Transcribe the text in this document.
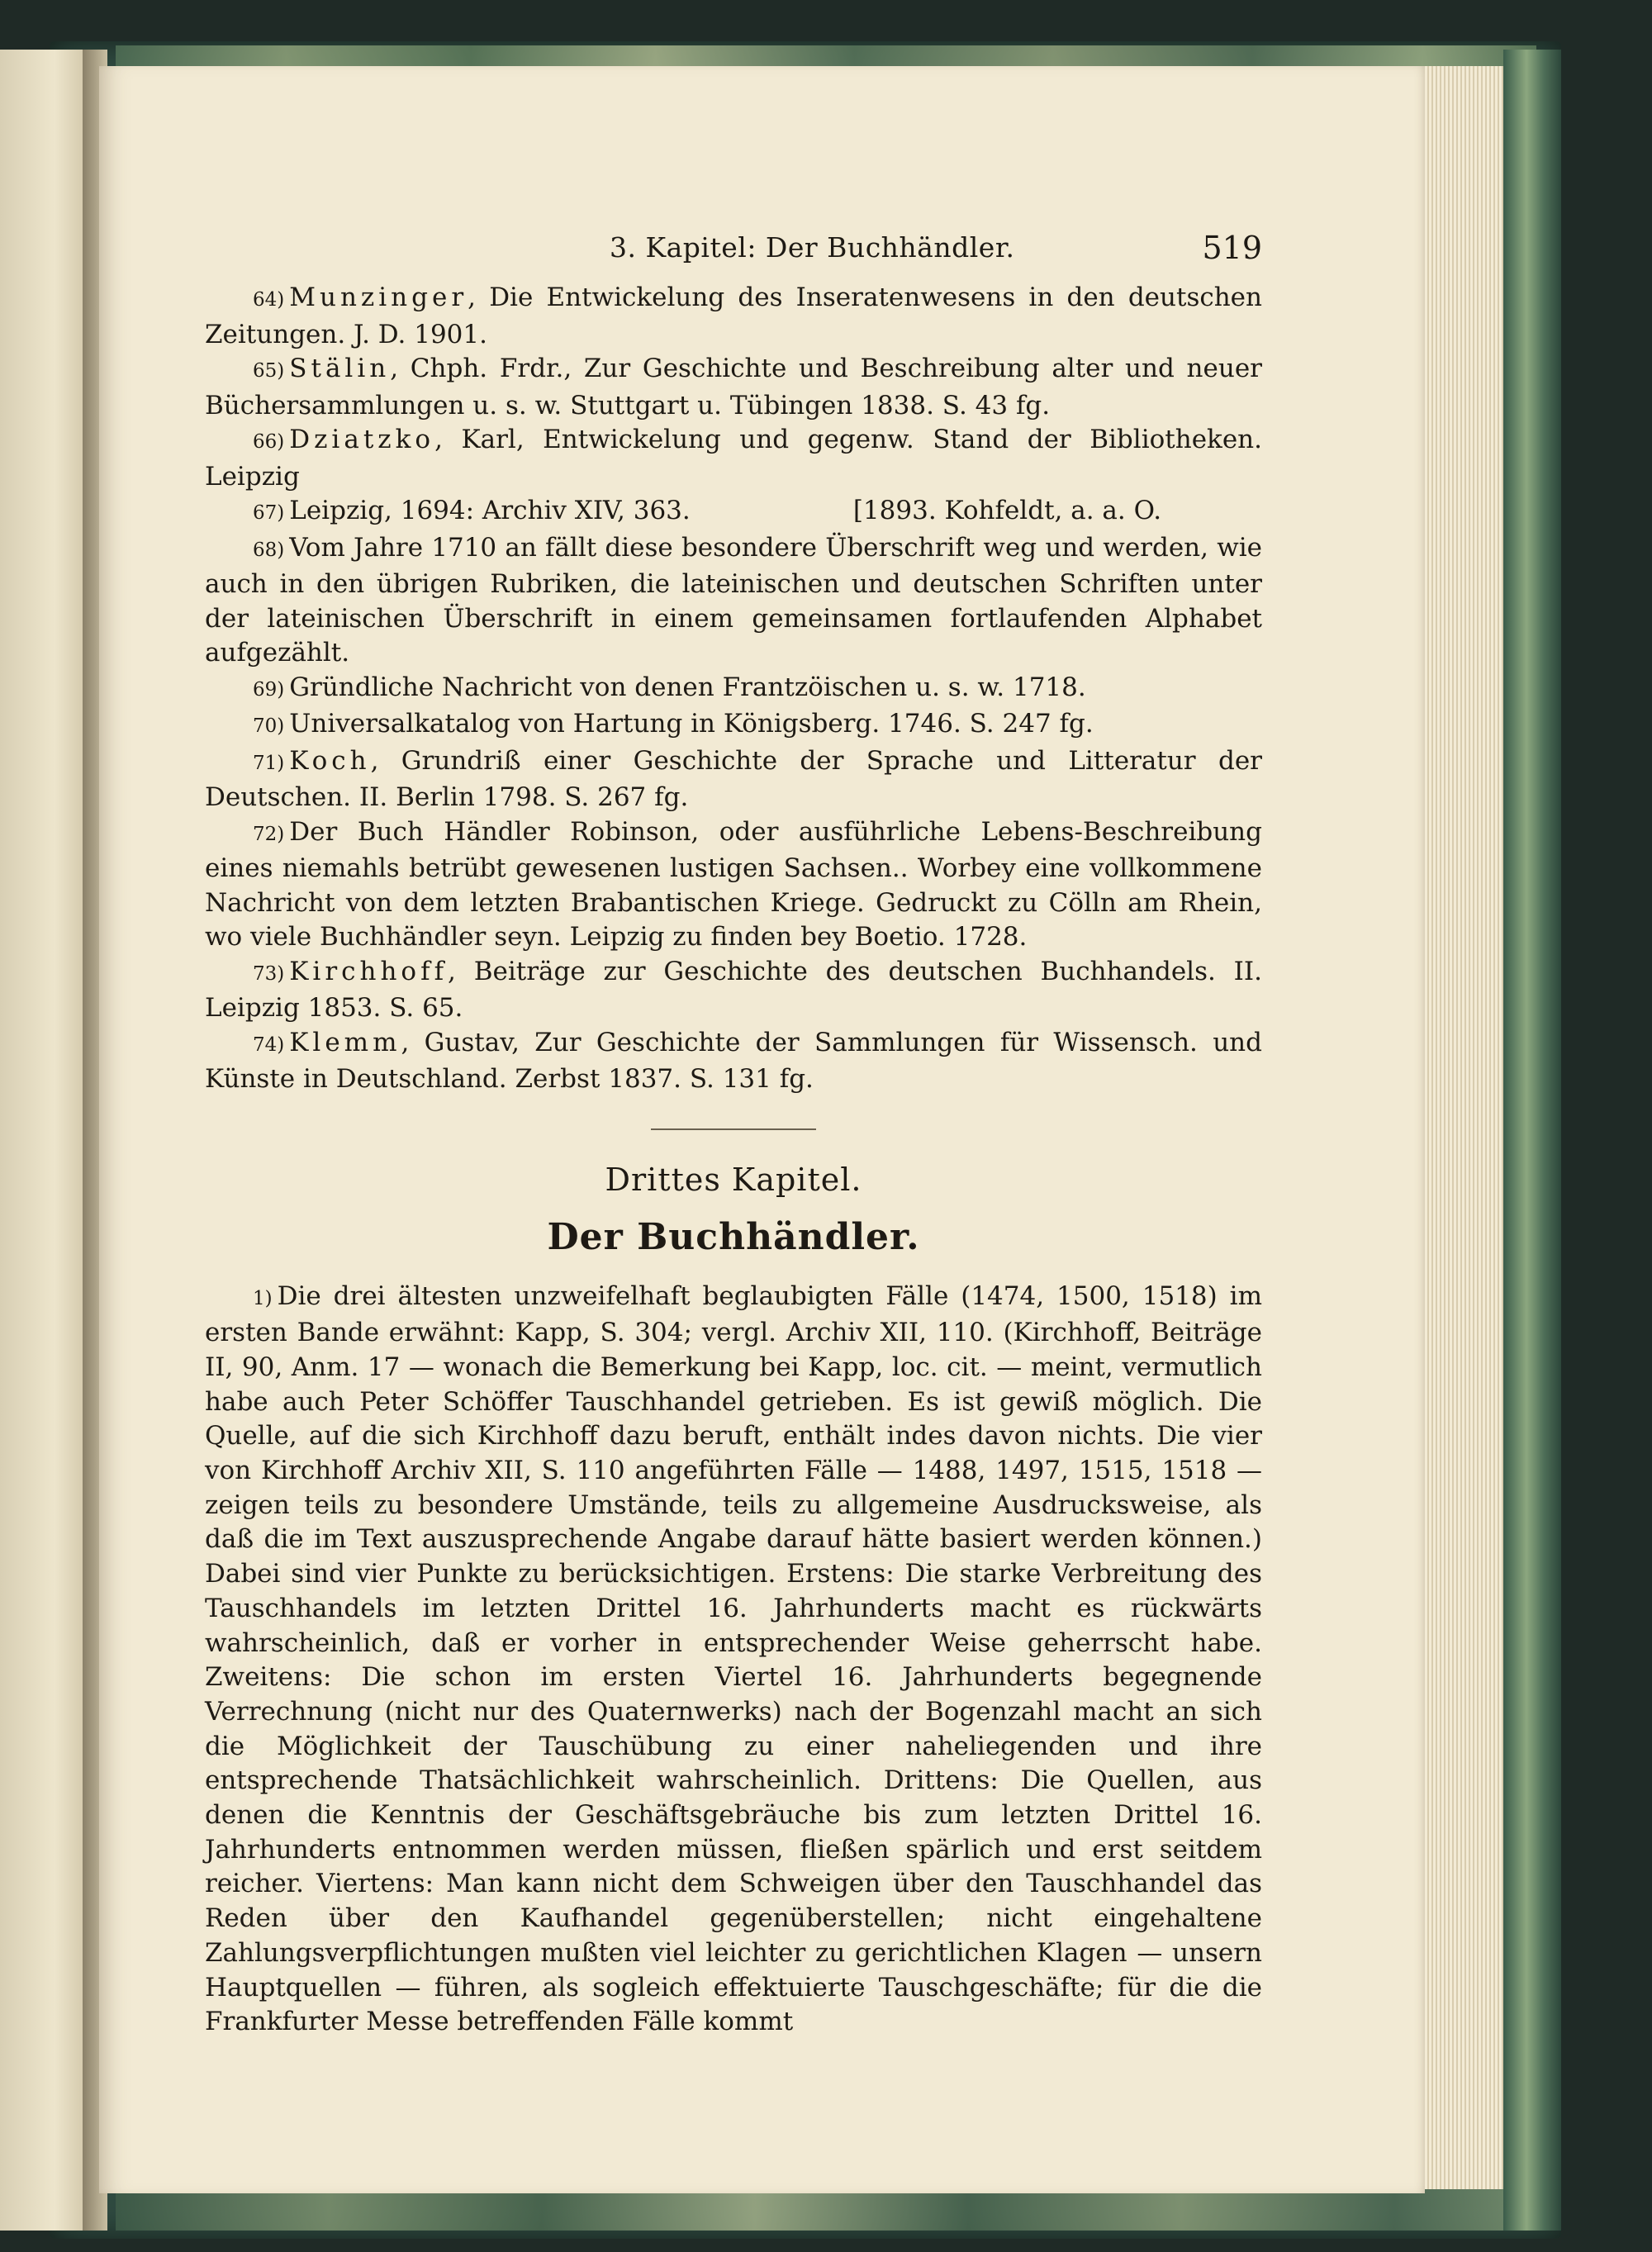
3. Kapitel: Der Buchhändler.	519

64) Munzinger, Die Entwickelung des Inseratenwesens in den deutschen Zeitungen. J. D. 1901.

65) Stälin, Chph. Frdr., Zur Geschichte und Beschreibung alter und neuer Büchersammlungen u. s. w. Stuttgart u. Tübingen 1838. S. 43 fg.

66) Dziatzko, Karl, Entwickelung und gegenw. Stand der Bibliotheken. Leipzig

67) Leipzig, 1694: Archiv XIV, 363.                    [1893. Kohfeldt, a. a. O.

68) Vom Jahre 1710 an fällt diese besondere Überschrift weg und werden, wie auch in den übrigen Rubriken, die lateinischen und deutschen Schriften unter der lateinischen Überschrift in einem gemeinsamen fortlaufenden Alphabet aufgezählt.

69) Gründliche Nachricht von denen Frantzöischen u. s. w. 1718.

70) Universalkatalog von Hartung in Königsberg. 1746. S. 247 fg.

71) Koch, Grundriß einer Geschichte der Sprache und Litteratur der Deutschen. II. Berlin 1798. S. 267 fg.

72) Der Buch Händler Robinson, oder ausführliche Lebens-Beschreibung eines niemahls betrübt gewesenen lustigen Sachsen.. Worbey eine vollkommene Nachricht von dem letzten Brabantischen Kriege. Gedruckt zu Cölln am Rhein, wo viele Buchhändler seyn. Leipzig zu finden bey Boetio. 1728.

73) Kirchhoff, Beiträge zur Geschichte des deutschen Buchhandels. II. Leipzig 1853. S. 65.

74) Klemm, Gustav, Zur Geschichte der Sammlungen für Wissensch. und Künste in Deutschland. Zerbst 1837. S. 131 fg.

Drittes Kapitel.
Der Buchhändler.

1) Die drei ältesten unzweifelhaft beglaubigten Fälle (1474, 1500, 1518) im ersten Bande erwähnt: Kapp, S. 304; vergl. Archiv XII, 110. (Kirchhoff, Beiträge II, 90, Anm. 17 — wonach die Bemerkung bei Kapp, loc. cit. — meint, vermutlich habe auch Peter Schöffer Tauschhandel getrieben. Es ist gewiß möglich. Die Quelle, auf die sich Kirchhoff dazu beruft, enthält indes davon nichts. Die vier von Kirchhoff Archiv XII, S. 110 angeführten Fälle — 1488, 1497, 1515, 1518 — zeigen teils zu besondere Umstände, teils zu allgemeine Ausdrucksweise, als daß die im Text auszusprechende Angabe darauf hätte basiert werden können.) Dabei sind vier Punkte zu berücksichtigen. Erstens: Die starke Verbreitung des Tauschhandels im letzten Drittel 16. Jahrhunderts macht es rückwärts wahrscheinlich, daß er vorher in entsprechender Weise geherrscht habe. Zweitens: Die schon im ersten Viertel 16. Jahrhunderts begegnende Verrechnung (nicht nur des Quaternwerks) nach der Bogenzahl macht an sich die Möglichkeit der Tauschübung zu einer naheliegenden und ihre entsprechende Thatsächlichkeit wahrscheinlich. Drittens: Die Quellen, aus denen die Kenntnis der Geschäftsgebräuche bis zum letzten Drittel 16. Jahrhunderts entnommen werden müssen, fließen spärlich und erst seitdem reicher. Viertens: Man kann nicht dem Schweigen über den Tauschhandel das Reden über den Kaufhandel gegenüberstellen; nicht eingehaltene Zahlungsverpflichtungen mußten viel leichter zu gerichtlichen Klagen — unsern Hauptquellen — führen, als sogleich effektuierte Tauschgeschäfte; für die die Frankfurter Messe betreffenden Fälle kommt
